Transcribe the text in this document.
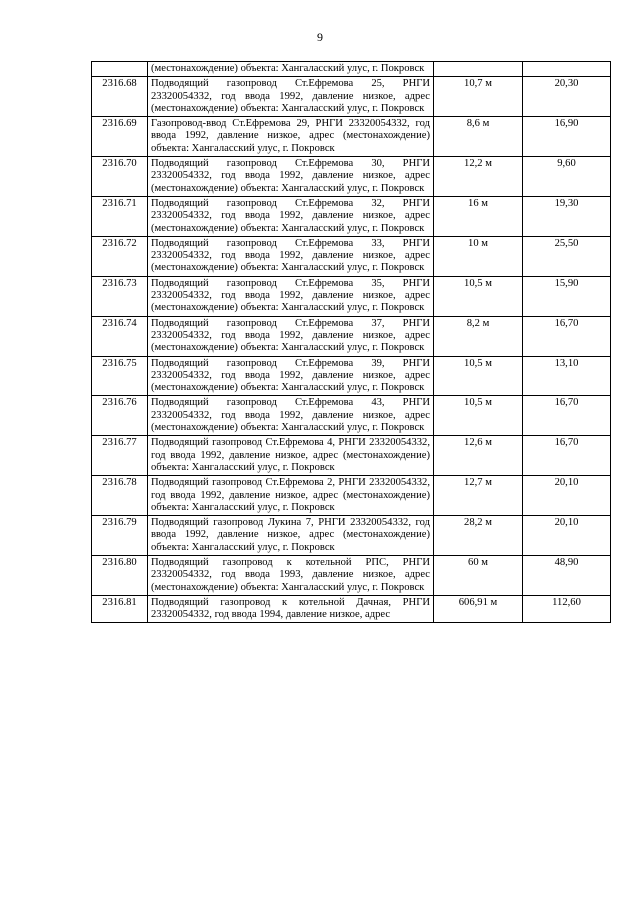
9
	(местонахождение) объекта: Хангаласский улус, г. Покровск		
2316.68	Подводящий газопровод Ст.Ефремова 25, РНГИ 23320054332, год ввода 1992, давление низкое, адрес (местонахождение) объекта: Хангаласский улус, г. Покровск	10,7 м	20,30
2316.69	Газопровод-ввод Ст.Ефремова 29, РНГИ 23320054332, год ввода 1992, давление низкое, адрес (местонахождение) объекта: Хангаласский улус, г. Покровск	8,6 м	16,90
2316.70	Подводящий газопровод Ст.Ефремова 30, РНГИ 23320054332, год ввода 1992, давление низкое, адрес (местонахождение) объекта: Хангаласский улус, г. Покровск	12,2 м	9,60
2316.71	Подводящий газопровод Ст.Ефремова 32, РНГИ 23320054332, год ввода 1992, давление низкое, адрес (местонахождение) объекта: Хангаласский улус, г. Покровск	16 м	19,30
2316.72	Подводящий газопровод Ст.Ефремова 33, РНГИ 23320054332, год ввода 1992, давление низкое, адрес (местонахождение) объекта: Хангаласский улус, г. Покровск	10 м	25,50
2316.73	Подводящий газопровод Ст.Ефремова 35, РНГИ 23320054332, год ввода 1992, давление низкое, адрес (местонахождение) объекта: Хангаласский улус, г. Покровск	10,5 м	15,90
2316.74	Подводящий газопровод Ст.Ефремова 37, РНГИ 23320054332, год ввода 1992, давление низкое, адрес (местонахождение) объекта: Хангаласский улус, г. Покровск	8,2 м	16,70
2316.75	Подводящий газопровод Ст.Ефремова 39, РНГИ 23320054332, год ввода 1992, давление низкое, адрес (местонахождение) объекта: Хангаласский улус, г. Покровск	10,5 м	13,10
2316.76	Подводящий газопровод Ст.Ефремова 43, РНГИ 23320054332, год ввода 1992, давление низкое, адрес (местонахождение) объекта: Хангаласский улус, г. Покровск	10,5 м	16,70
2316.77	Подводящий газопровод Ст.Ефремова 4, РНГИ 23320054332, год ввода 1992, давление низкое, адрес (местонахождение) объекта: Хангаласский улус, г. Покровск	12,6 м	16,70
2316.78	Подводящий газопровод Ст.Ефремова 2, РНГИ 23320054332, год ввода 1992, давление низкое, адрес (местонахождение) объекта: Хангаласский улус, г. Покровск	12,7 м	20,10
2316.79	Подводящий газопровод Лукина 7, РНГИ 23320054332, год ввода 1992, давление низкое, адрес (местонахождение) объекта: Хангаласский улус, г. Покровск	28,2 м	20,10
2316.80	Подводящий газопровод к котельной РПС, РНГИ 23320054332, год ввода 1993, давление низкое, адрес (местонахождение) объекта: Хангаласский улус, г. Покровск	60 м	48,90
2316.81	Подводящий газопровод к котельной Дачная, РНГИ 23320054332, год ввода 1994, давление низкое, адрес	606,91 м	112,60
